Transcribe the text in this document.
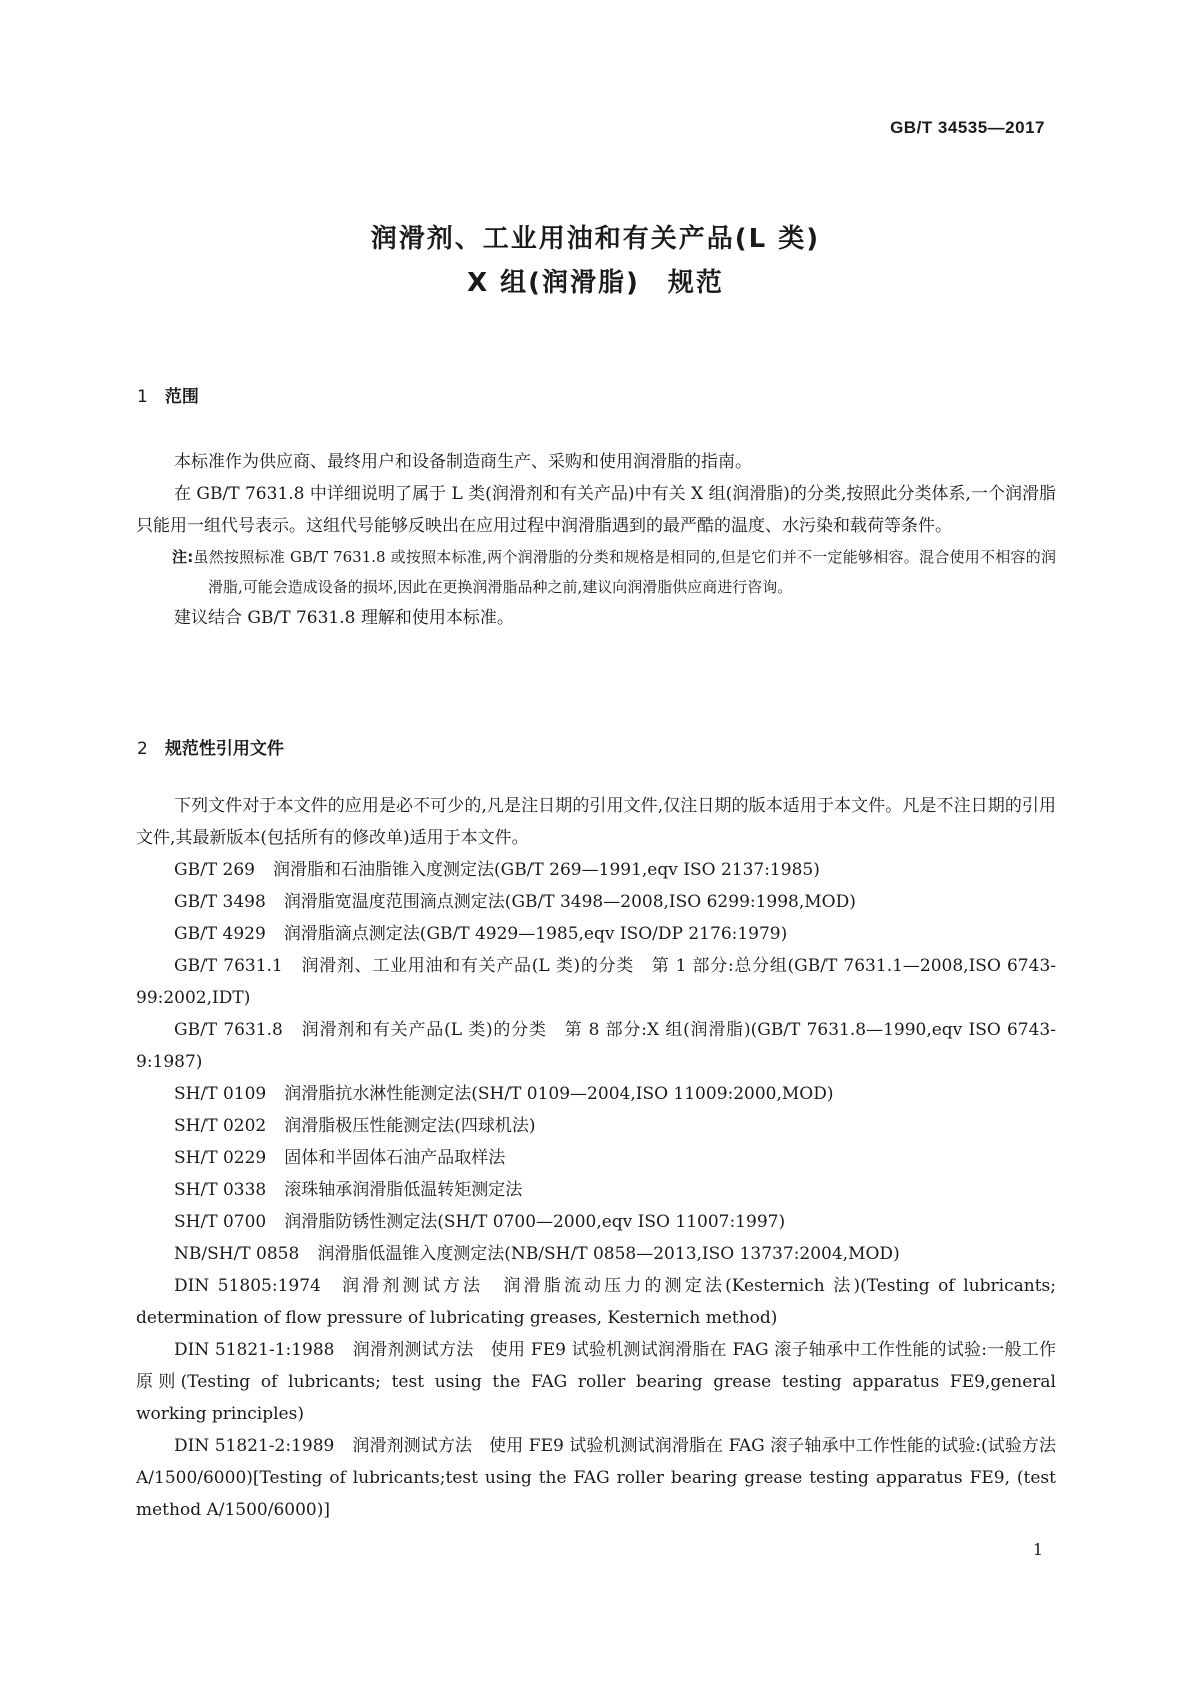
GB/T 34535—2017
润滑剂、工业用油和有关产品(L 类)
X 组(润滑脂)　规范
1 范围

本标准作为供应商、最终用户和设备制造商生产、采购和使用润滑脂的指南。

在 GB/T 7631.8 中详细说明了属于 L 类(润滑剂和有关产品)中有关 X 组(润滑脂)的分类,按照此分类体系,一个润滑脂只能用一组代号表示。这组代号能够反映出在应用过程中润滑脂遇到的最严酷的温度、水污染和载荷等条件。

注:虽然按照标准 GB/T 7631.8 或按照本标准,两个润滑脂的分类和规格是相同的,但是它们并不一定能够相容。混合使用不相容的润滑脂,可能会造成设备的损坏,因此在更换润滑脂品种之前,建议向润滑脂供应商进行咨询。

建议结合 GB/T 7631.8 理解和使用本标准。

2 规范性引用文件

下列文件对于本文件的应用是必不可少的,凡是注日期的引用文件,仅注日期的版本适用于本文件。凡是不注日期的引用文件,其最新版本(包括所有的修改单)适用于本文件。

GB/T 269 润滑脂和石油脂锥入度测定法(GB/T 269—1991,eqv ISO 2137:1985)

GB/T 3498 润滑脂宽温度范围滴点测定法(GB/T 3498—2008,ISO 6299:1998,MOD)

GB/T 4929 润滑脂滴点测定法(GB/T 4929—1985,eqv ISO/DP 2176:1979)

GB/T 7631.1 润滑剂、工业用油和有关产品(L 类)的分类　第 1 部分:总分组(GB/T 7631.1—2008,ISO 6743-99:2002,IDT)

GB/T 7631.8 润滑剂和有关产品(L 类)的分类　第 8 部分:X 组(润滑脂)(GB/T 7631.8—1990,eqv ISO 6743-9:1987)

SH/T 0109 润滑脂抗水淋性能测定法(SH/T 0109—2004,ISO 11009:2000,MOD)

SH/T 0202 润滑脂极压性能测定法(四球机法)

SH/T 0229 固体和半固体石油产品取样法

SH/T 0338 滚珠轴承润滑脂低温转矩测定法

SH/T 0700 润滑脂防锈性测定法(SH/T 0700—2000,eqv ISO 11007:1997)

NB/SH/T 0858 润滑脂低温锥入度测定法(NB/SH/T 0858—2013,ISO 13737:2004,MOD)

DIN 51805:1974 润滑剂测试方法　润滑脂流动压力的测定法(Kesternich 法)(Testing of lubricants; determination of flow pressure of lubricating greases, Kesternich method)

DIN 51821-1:1988 润滑剂测试方法　使用 FE9 试验机测试润滑脂在 FAG 滚子轴承中工作性能的试验:一般工作原则(Testing of lubricants; test using the FAG roller bearing grease testing apparatus FE9,general working principles)

DIN 51821-2:1989 润滑剂测试方法　使用 FE9 试验机测试润滑脂在 FAG 滚子轴承中工作性能的试验:(试验方法 A/1500/6000)[Testing of lubricants;test using the FAG roller bearing grease testing apparatus FE9, (test method A/1500/6000)]

1
